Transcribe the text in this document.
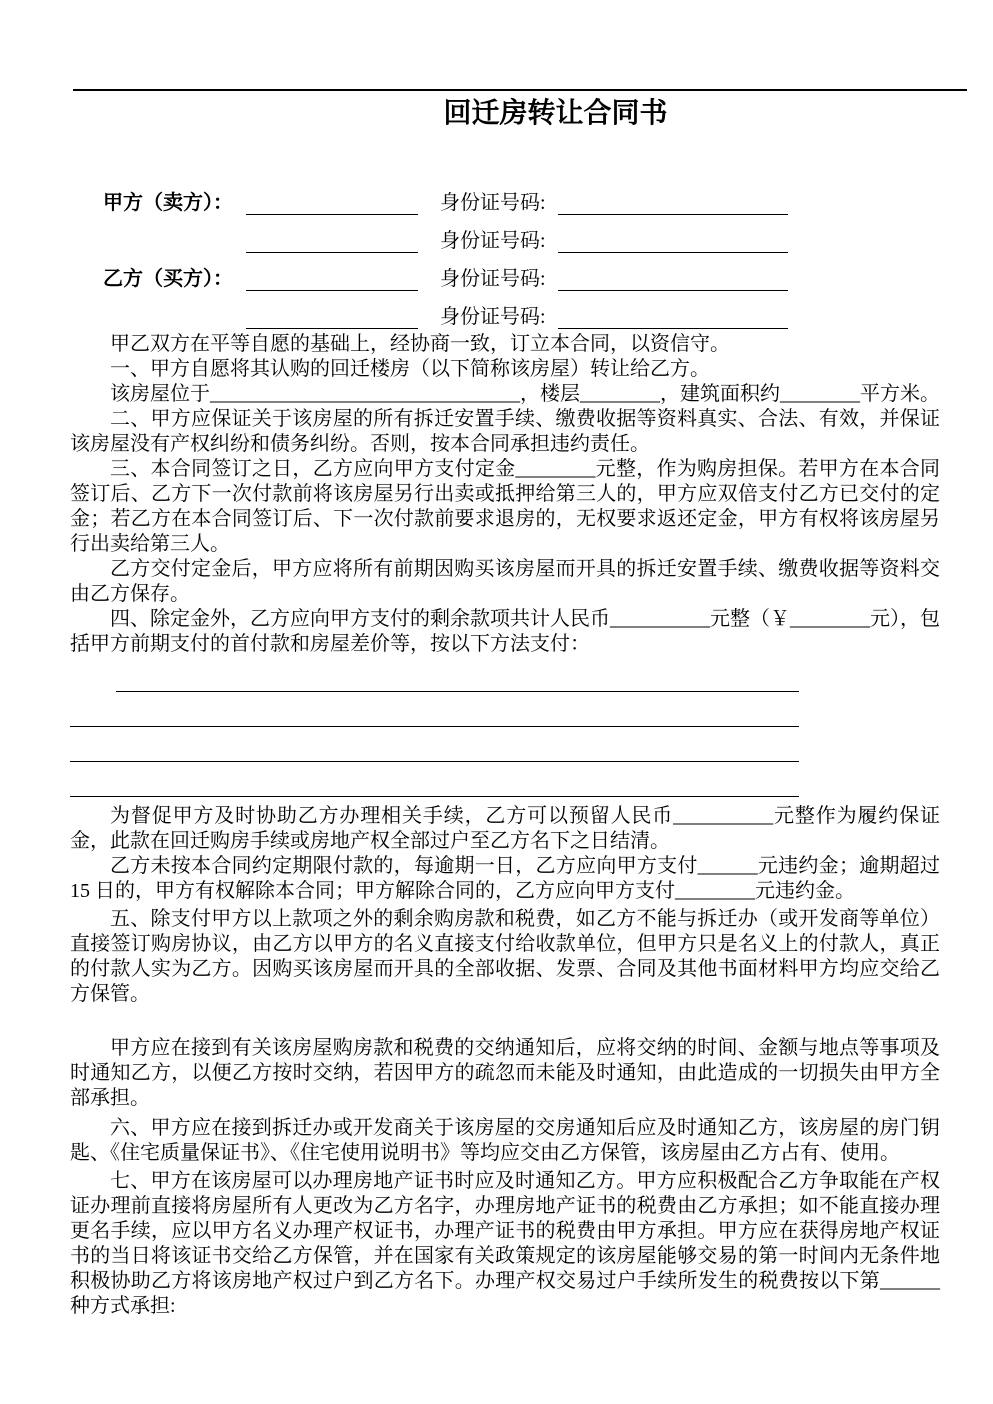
回迁房转让合同书
甲方（卖方）：	身份证号码:
身份证号码:
乙方（买方）：	身份证号码:
身份证号码:

甲乙双方在平等自愿的基础上，经协商一致，订立本合同，以资信守。

一、甲方自愿将其认购的回迁楼房（以下简称该房屋）转让给乙方。

该房屋位于_______________________________，楼层________，建筑面积约________平方米。

二、甲方应保证关于该房屋的所有拆迁安置手续、缴费收据等资料真实、合法、有效，并保证该房屋没有产权纠纷和债务纠纷。否则，按本合同承担违约责任。

三、本合同签订之日，乙方应向甲方支付定金________元整，作为购房担保。若甲方在本合同签订后、乙方下一次付款前将该房屋另行出卖或抵押给第三人的，甲方应双倍支付乙方已交付的定金；若乙方在本合同签订后、下一次付款前要求退房的，无权要求返还定金，甲方有权将该房屋另行出卖给第三人。

乙方交付定金后，甲方应将所有前期因购买该房屋而开具的拆迁安置手续、缴费收据等资料交由乙方保存。

四、除定金外，乙方应向甲方支付的剩余款项共计人民币__________元整（￥________元），包括甲方前期支付的首付款和房屋差价等，按以下方法支付：

为督促甲方及时协助乙方办理相关手续，乙方可以预留人民币__________元整作为履约保证金，此款在回迁购房手续或房地产权全部过户至乙方名下之日结清。

乙方未按本合同约定期限付款的，每逾期一日，乙方应向甲方支付______元违约金；逾期超过 15 日的，甲方有权解除本合同；甲方解除合同的，乙方应向甲方支付________元违约金。

五、除支付甲方以上款项之外的剩余购房款和税费，如乙方不能与拆迁办（或开发商等单位）直接签订购房协议，由乙方以甲方的名义直接支付给收款单位，但甲方只是名义上的付款人，真正的付款人实为乙方。因购买该房屋而开具的全部收据、发票、合同及其他书面材料甲方均应交给乙方保管。

甲方应在接到有关该房屋购房款和税费的交纳通知后，应将交纳的时间、金额与地点等事项及时通知乙方，以便乙方按时交纳，若因甲方的疏忽而未能及时通知，由此造成的一切损失由甲方全部承担。

六、甲方应在接到拆迁办或开发商关于该房屋的交房通知后应及时通知乙方，该房屋的房门钥匙、《住宅质量保证书》、《住宅使用说明书》等均应交由乙方保管，该房屋由乙方占有、使用。

七、甲方在该房屋可以办理房地产证书时应及时通知乙方。甲方应积极配合乙方争取能在产权证办理前直接将房屋所有人更改为乙方名字，办理房地产证书的税费由乙方承担；如不能直接办理更名手续，应以甲方名义办理产权证书，办理产证书的税费由甲方承担。甲方应在获得房地产权证书的当日将该证书交给乙方保管，并在国家有关政策规定的该房屋能够交易的第一时间内无条件地积极协助乙方将该房地产权过户到乙方名下。办理产权交易过户手续所发生的税费按以下第______种方式承担:
